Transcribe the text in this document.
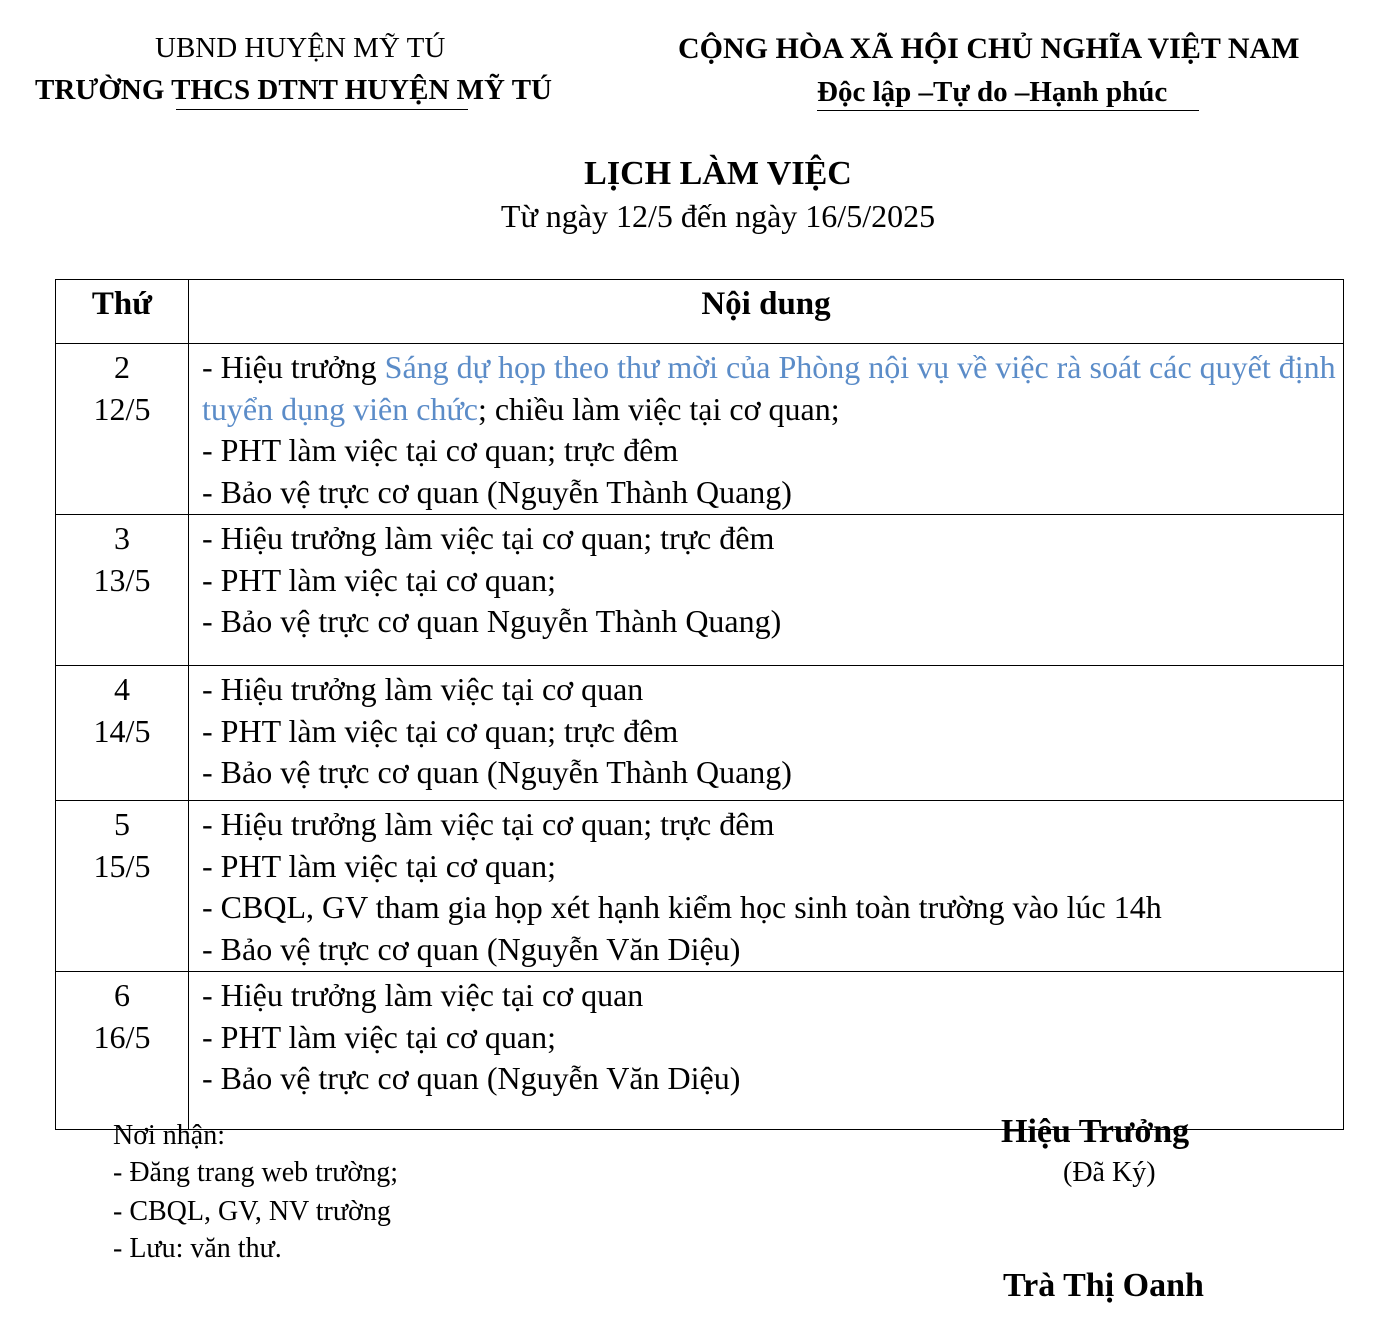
UBND HUYỆN MỸ TÚ
TRƯỜNG THCS DTNT HUYỆN MỸ TÚ
CỘNG HÒA XÃ HỘI CHỦ NGHĨA VIỆT NAM
Độc lập –Tự do –Hạnh phúc
LỊCH LÀM VIỆC
Từ ngày 12/5 đến ngày 16/5/2025
Thứ	Nội dung

2
12/5	- Hiệu trưởng Sáng dự họp theo thư mời của Phòng nội vụ về việc rà soát các quyết định tuyển dụng viên chức; chiều làm việc tại cơ quan;
- PHT làm việc tại cơ quan; trực đêm
- Bảo vệ trực cơ quan (Nguyễn Thành Quang)

3
13/5	- Hiệu trưởng làm việc tại cơ quan; trực đêm
- PHT làm việc tại cơ quan;
- Bảo vệ trực cơ quan Nguyễn Thành Quang)

4
14/5	- Hiệu trưởng làm việc tại cơ quan
- PHT làm việc tại cơ quan; trực đêm
- Bảo vệ trực cơ quan (Nguyễn Thành Quang)

5
15/5	- Hiệu trưởng làm việc tại cơ quan; trực đêm
- PHT làm việc tại cơ quan;
- CBQL, GV tham gia họp xét hạnh kiểm học sinh toàn trường vào lúc 14h
- Bảo vệ trực cơ quan (Nguyễn Văn Diệu)

6
16/5	- Hiệu trưởng làm việc tại cơ quan
- PHT làm việc tại cơ quan;
- Bảo vệ trực cơ quan (Nguyễn Văn Diệu)
Nơi nhận:
- Đăng trang web trường;
- CBQL, GV, NV trường
- Lưu: văn thư.
Hiệu Trưởng
(Đã Ký)
Trà Thị Oanh
